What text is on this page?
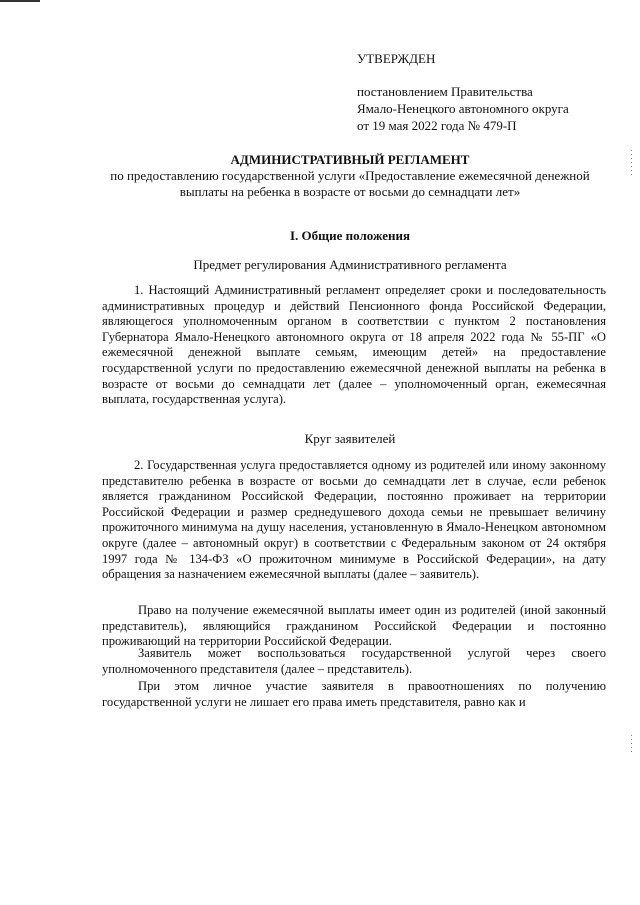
УТВЕРЖДЕН
постановлением Правительства
Ямало-Ненецкого автономного округа
от 19 мая 2022 года № 479-П
АДМИНИСТРАТИВНЫЙ РЕГЛАМЕНТ
по предоставлению государственной услуги «Предоставление ежемесячной денежной выплаты на ребенка в возрасте от восьми до семнадцати лет»
I. Общие положения
Предмет регулирования Административного регламента

1. Настоящий Административный регламент определяет сроки и последовательность административных процедур и действий Пенсионного фонда Российской Федерации, являющегося уполномоченным органом в соответствии с пунктом 2 постановления Губернатора Ямало-Ненецкого автономного округа от 18 апреля 2022 года № 55-ПГ «О ежемесячной денежной выплате семьям, имеющим детей» на предоставление государственной услуги по предоставлению ежемесячной денежной выплаты на ребенка в возрасте от восьми до семнадцати лет (далее – уполномоченный орган, ежемесячная выплата, государственная услуга).

Круг заявителей

2. Государственная услуга предоставляется одному из родителей или иному законному представителю ребенка в возрасте от восьми до семнадцати лет в случае, если ребенок является гражданином Российской Федерации, постоянно проживает на территории Российской Федерации и размер среднедушевого дохода семьи не превышает величину прожиточного минимума на душу населения, установленную в Ямало-Ненецком автономном округе (далее – автономный округ) в соответствии с Федеральным законом от 24 октября 1997 года № 134-ФЗ «О прожиточном минимуме в Российской Федерации», на дату обращения за назначением ежемесячной выплаты (далее – заявитель).

Право на получение ежемесячной выплаты имеет один из родителей (иной законный представитель), являющийся гражданином Российской Федерации и постоянно проживающий на территории Российской Федерации.

Заявитель может воспользоваться государственной услугой через своего уполномоченного представителя (далее – представитель).

При этом личное участие заявителя в правоотношениях по получению государственной услуги не лишает его права иметь представителя, равно как и
